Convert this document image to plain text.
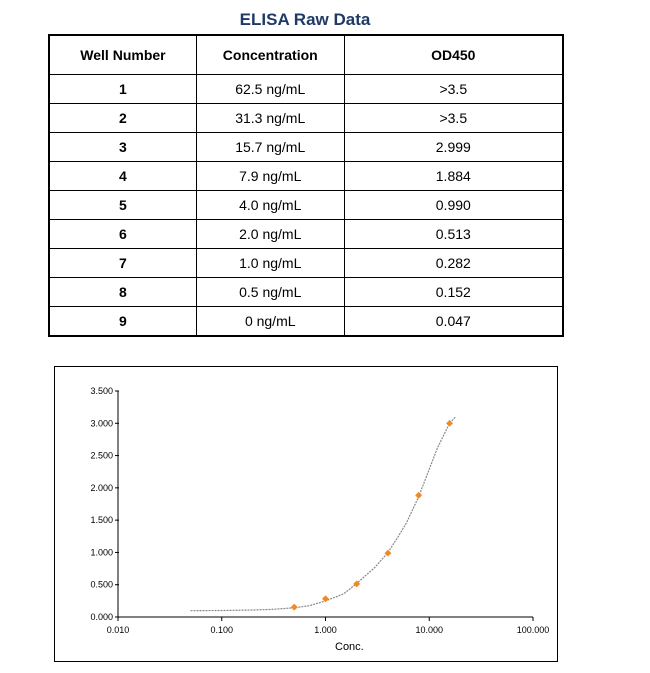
ELISA Raw Data
Well Number	Concentration	OD450
1	62.5 ng/mL	>3.5
2	31.3 ng/mL	>3.5
3	15.7 ng/mL	2.999
4	7.9 ng/mL	1.884
5	4.0 ng/mL	0.990
6	2.0 ng/mL	0.513
7	1.0 ng/mL	0.282
8	0.5 ng/mL	0.152
9	0 ng/mL	0.047
0.000
0.500
1.000
1.500
2.000
2.500
3.000
3.500
0.010	0.100	1.000	10.000	100.000
Conc.
